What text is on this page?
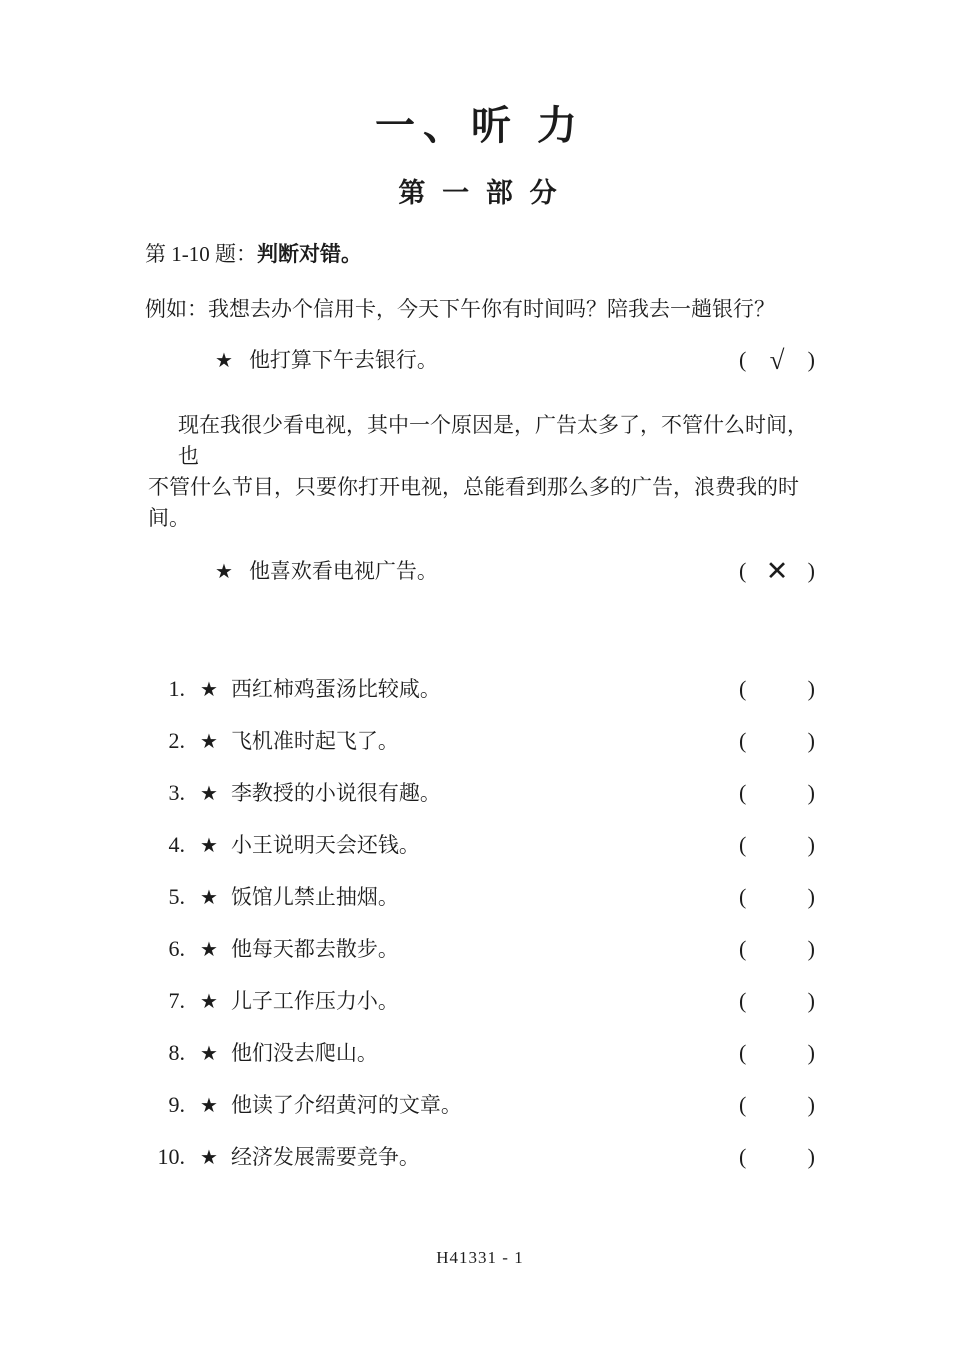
一、听 力
第 一 部 分
第 1-10 题：判断对错。
例如：我想去办个信用卡，今天下午你有时间吗？陪我去一趟银行？
★ 他打算下午去银行。	( √ )
现在我很少看电视，其中一个原因是，广告太多了，不管什么时间，也
不管什么节目，只要你打开电视，总能看到那么多的广告，浪费我的时间。
★ 他喜欢看电视广告。	( ✕ )
1. ★ 西红柿鸡蛋汤比较咸。	(	)
2. ★ 飞机准时起飞了。	(	)
3. ★ 李教授的小说很有趣。	(	)
4. ★ 小王说明天会还钱。	(	)
5. ★ 饭馆儿禁止抽烟。	(	)
6. ★ 他每天都去散步。	(	)
7. ★ 儿子工作压力小。	(	)
8. ★ 他们没去爬山。	(	)
9. ★ 他读了介绍黄河的文章。	(	)
10. ★ 经济发展需要竞争。	(	)
H41331 - 1
